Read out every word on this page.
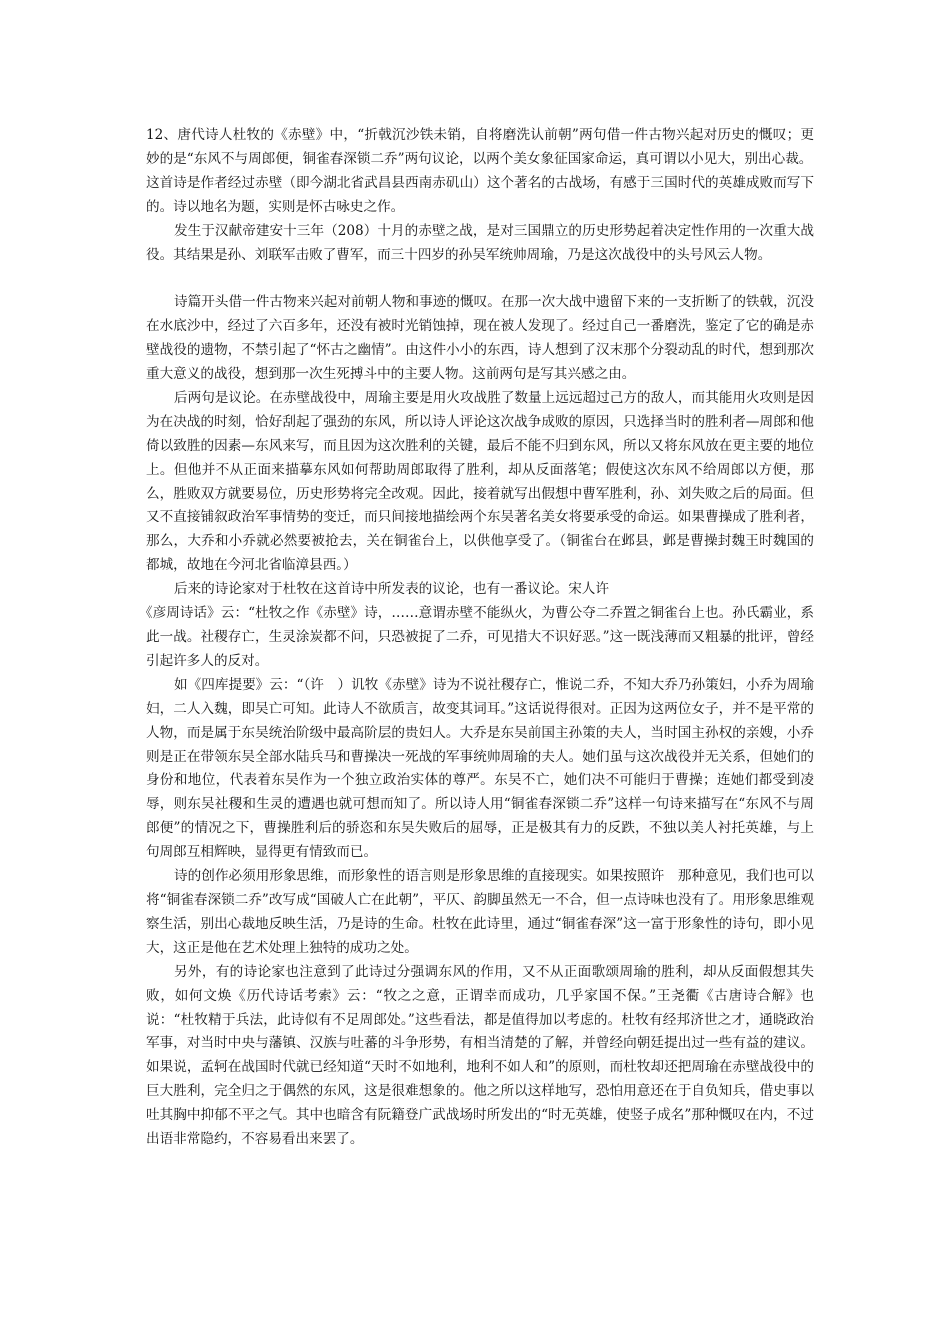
12、唐代诗人杜牧的《赤壁》中，“折戟沉沙铁未销，自将磨洗认前朝”两句借一件古物兴起对历史的慨叹；更妙的是“东风不与周郎便，铜雀春深锁二乔”两句议论，以两个美女象征国家命运，真可谓以小见大，别出心裁。

这首诗是作者经过赤壁（即今湖北省武昌县西南赤矶山）这个著名的古战场，有感于三国时代的英雄成败而写下的。诗以地名为题，实则是怀古咏史之作。

发生于汉献帝建安十三年（208）十月的赤壁之战，是对三国鼎立的历史形势起着决定性作用的一次重大战役。其结果是孙、刘联军击败了曹军，而三十四岁的孙吴军统帅周瑜，乃是这次战役中的头号风云人物。

诗篇开头借一件古物来兴起对前朝人物和事迹的慨叹。在那一次大战中遗留下来的一支折断了的铁戟，沉没在水底沙中，经过了六百多年，还没有被时光销蚀掉，现在被人发现了。经过自己一番磨洗，鉴定了它的确是赤壁战役的遗物，不禁引起了“怀古之幽情”。由这件小小的东西，诗人想到了汉末那个分裂动乱的时代，想到那次重大意义的战役，想到那一次生死搏斗中的主要人物。这前两句是写其兴感之由。

后两句是议论。在赤壁战役中，周瑜主要是用火攻战胜了数量上远远超过己方的敌人，而其能用火攻则是因为在决战的时刻，恰好刮起了强劲的东风，所以诗人评论这次战争成败的原因，只选择当时的胜利者—周郎和他倚以致胜的因素—东风来写，而且因为这次胜利的关键，最后不能不归到东风，所以又将东风放在更主要的地位上。但他并不从正面来描摹东风如何帮助周郎取得了胜利，却从反面落笔；假使这次东风不给周郎以方便，那么，胜败双方就要易位，历史形势将完全改观。因此，接着就写出假想中曹军胜利，孙、刘失败之后的局面。但又不直接铺叙政治军事情势的变迁，而只间接地描绘两个东吴著名美女将要承受的命运。如果曹操成了胜利者，那么，大乔和小乔就必然要被抢去，关在铜雀台上，以供他享受了。（铜雀台在邺县，邺是曹操封魏王时魏国的都城，故地在今河北省临漳县西。）

后来的诗论家对于杜牧在这首诗中所发表的议论，也有一番议论。宋人许

《彦周诗话》云：“杜牧之作《赤壁》诗，……意谓赤壁不能纵火，为曹公夺二乔置之铜雀台上也。孙氏霸业，系此一战。社稷存亡，生灵涂炭都不问，只恐被捉了二乔，可见措大不识好恶。”这一既浅薄而又粗暴的批评，曾经引起许多人的反对。

如《四库提要》云：“（许　）讥牧《赤壁》诗为不说社稷存亡，惟说二乔，不知大乔乃孙策妇，小乔为周瑜妇，二人入魏，即吴亡可知。此诗人不欲质言，故变其词耳。”这话说得很对。正因为这两位女子，并不是平常的人物，而是属于东吴统治阶级中最高阶层的贵妇人。大乔是东吴前国主孙策的夫人，当时国主孙权的亲嫂，小乔则是正在带领东吴全部水陆兵马和曹操决一死战的军事统帅周瑜的夫人。她们虽与这次战役并无关系，但她们的身份和地位，代表着东吴作为一个独立政治实体的尊严。东吴不亡，她们决不可能归于曹操；连她们都受到凌辱，则东吴社稷和生灵的遭遇也就可想而知了。所以诗人用“铜雀春深锁二乔”这样一句诗来描写在“东风不与周郎便”的情况之下，曹操胜利后的骄恣和东吴失败后的屈辱，正是极其有力的反跌，不独以美人衬托英雄，与上句周郎互相辉映，显得更有情致而已。

诗的创作必须用形象思维，而形象性的语言则是形象思维的直接现实。如果按照许　那种意见，我们也可以将“铜雀春深锁二乔”改写成“国破人亡在此朝”，平仄、韵脚虽然无一不合，但一点诗味也没有了。用形象思维观察生活，别出心裁地反映生活，乃是诗的生命。杜牧在此诗里，通过“铜雀春深”这一富于形象性的诗句，即小见大，这正是他在艺术处理上独特的成功之处。

另外，有的诗论家也注意到了此诗过分强调东风的作用，又不从正面歌颂周瑜的胜利，却从反面假想其失败，如何文焕《历代诗话考索》云：“牧之之意，正谓幸而成功，几乎家国不保。”王尧衢《古唐诗合解》也说：“杜牧精于兵法，此诗似有不足周郎处。”这些看法，都是值得加以考虑的。杜牧有经邦济世之才，通晓政治军事，对当时中央与藩镇、汉族与吐蕃的斗争形势，有相当清楚的了解，并曾经向朝廷提出过一些有益的建议。如果说，孟轲在战国时代就已经知道“天时不如地利，地利不如人和”的原则，而杜牧却还把周瑜在赤壁战役中的巨大胜利，完全归之于偶然的东风，这是很难想象的。他之所以这样地写，恐怕用意还在于自负知兵，借史事以吐其胸中抑郁不平之气。其中也暗含有阮籍登广武战场时所发出的“时无英雄，使竖子成名”那种慨叹在内，不过出语非常隐约，不容易看出来罢了。
